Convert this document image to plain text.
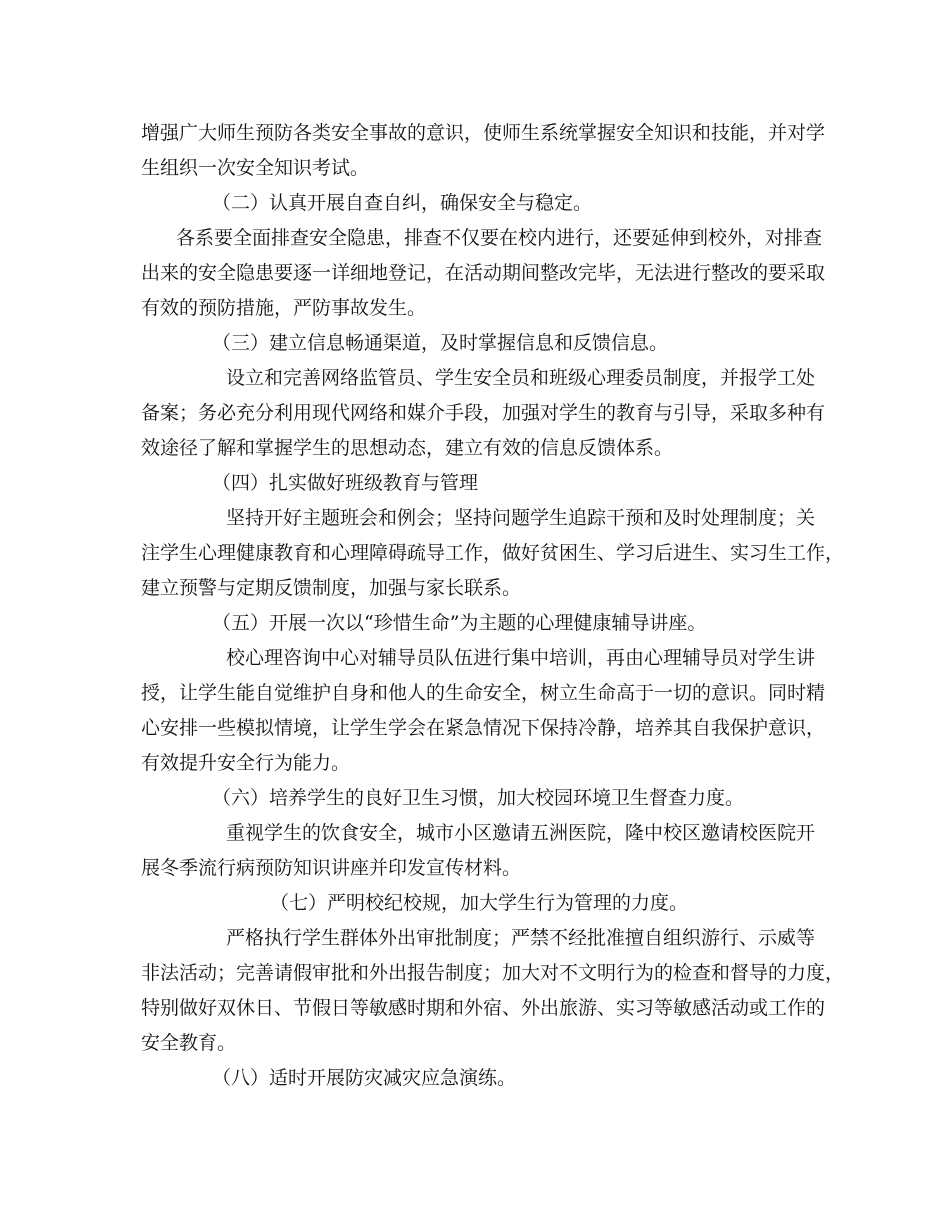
增强广大师生预防各类安全事故的意识，使师生系统掌握安全知识和技能，并对学
生组织一次安全知识考试。
（二）认真开展自查自纠，确保安全与稳定。
各系要全面排查安全隐患，排查不仅要在校内进行，还要延伸到校外，对排查
出来的安全隐患要逐一详细地登记，在活动期间整改完毕，无法进行整改的要采取
有效的预防措施，严防事故发生。
（三）建立信息畅通渠道，及时掌握信息和反馈信息。
设立和完善网络监管员、学生安全员和班级心理委员制度，并报学工处
备案；务必充分利用现代网络和媒介手段，加强对学生的教育与引导，采取多种有
效途径了解和掌握学生的思想动态，建立有效的信息反馈体系。
（四）扎实做好班级教育与管理
坚持开好主题班会和例会；坚持问题学生追踪干预和及时处理制度；关
注学生心理健康教育和心理障碍疏导工作，做好贫困生、学习后进生、实习生工作，
建立预警与定期反馈制度，加强与家长联系。
（五）开展一次以“珍惜生命”为主题的心理健康辅导讲座。
校心理咨询中心对辅导员队伍进行集中培训，再由心理辅导员对学生讲
授，让学生能自觉维护自身和他人的生命安全，树立生命高于一切的意识。同时精
心安排一些模拟情境，让学生学会在紧急情况下保持冷静，培养其自我保护意识，
有效提升安全行为能力。
（六）培养学生的良好卫生习惯，加大校园环境卫生督查力度。
重视学生的饮食安全，城市小区邀请五洲医院，隆中校区邀请校医院开
展冬季流行病预防知识讲座并印发宣传材料。
（七）严明校纪校规，加大学生行为管理的力度。
严格执行学生群体外出审批制度；严禁不经批准擅自组织游行、示威等
非法活动；完善请假审批和外出报告制度；加大对不文明行为的检查和督导的力度，
特别做好双休日、节假日等敏感时期和外宿、外出旅游、实习等敏感活动或工作的
安全教育。
（八）适时开展防灾减灾应急演练。
